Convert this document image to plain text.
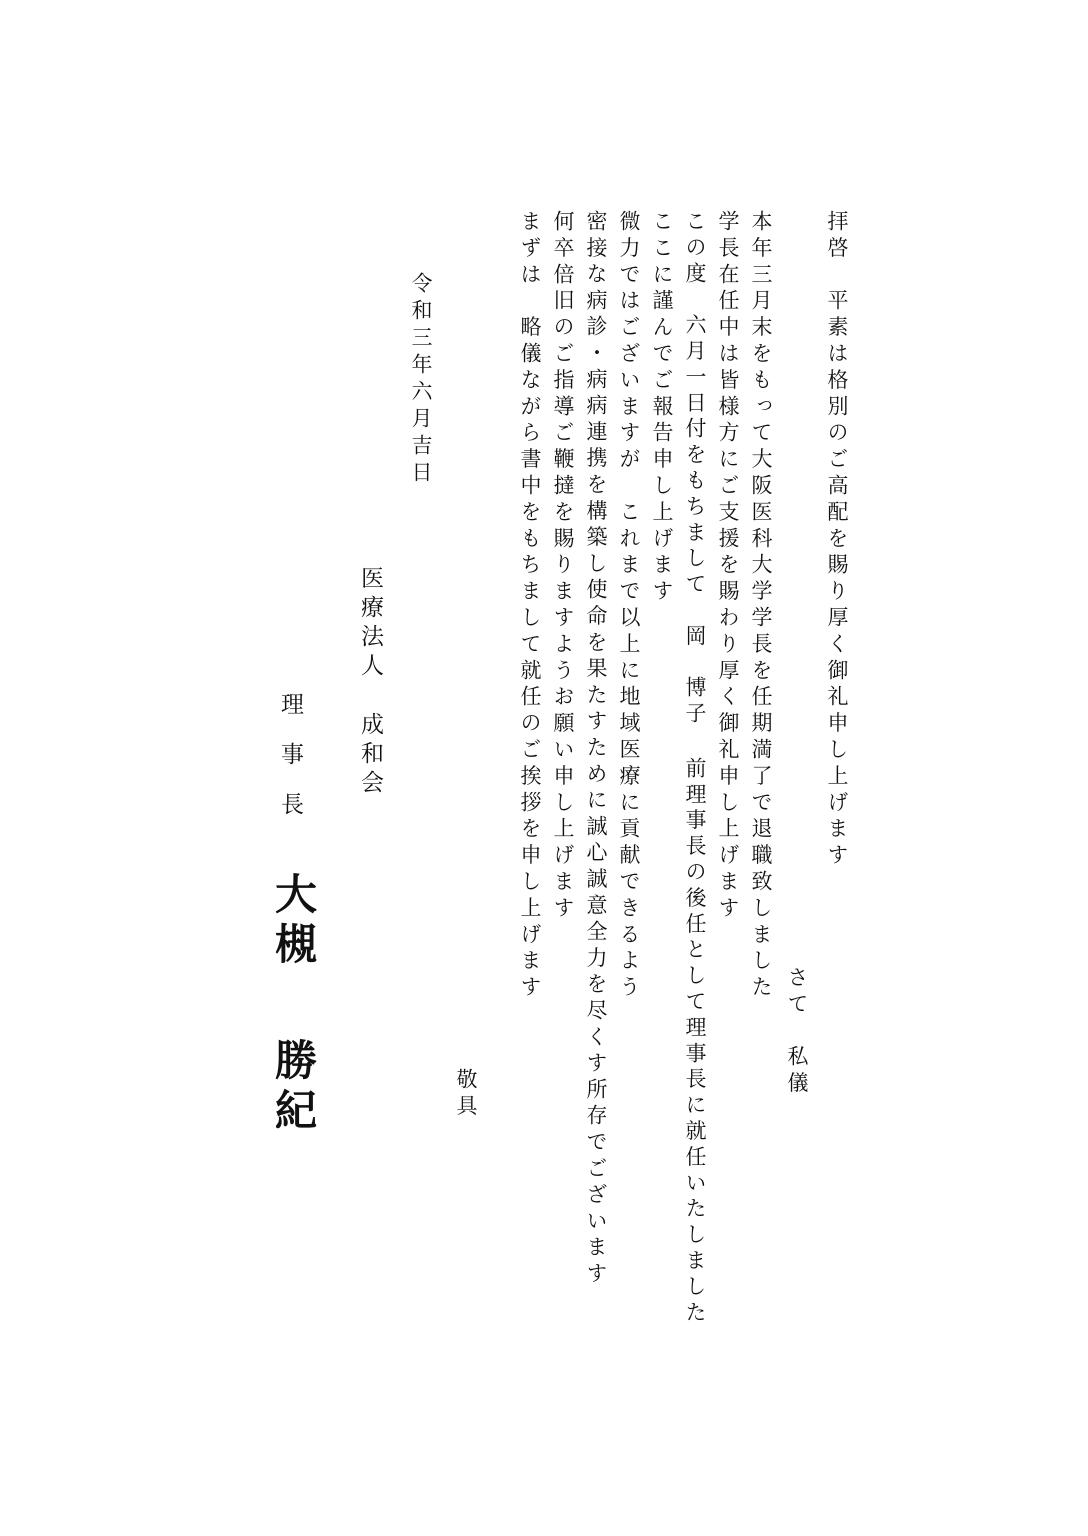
拝啓　平素は格別のご高配を賜り厚く御礼申し上げます
さて　私儀
本年三月末をもって大阪医科大学学長を任期満了で退職致しました
学長在任中は皆様方にご支援を賜わり厚く御礼申し上げます
この度　六月一日付をもちまして　岡　博子 前理事長の後任として理事長に就任いたしました
ここに謹んでご報告申し上げます
微力ではございますが　これまで以上に地域医療に貢献できるよう
密接な病診・病病連携を構築し使命を果たすために誠心誠意全力を尽くす所存でございます
何卒倍旧のご指導ご鞭撻を賜りますようお願い申し上げます
まずは　略儀ながら書中をもちまして就任のご挨拶を申し上げます
敬具
令和三年六月吉日
医療法人
成和会
理　事　長
大槻
勝紀
